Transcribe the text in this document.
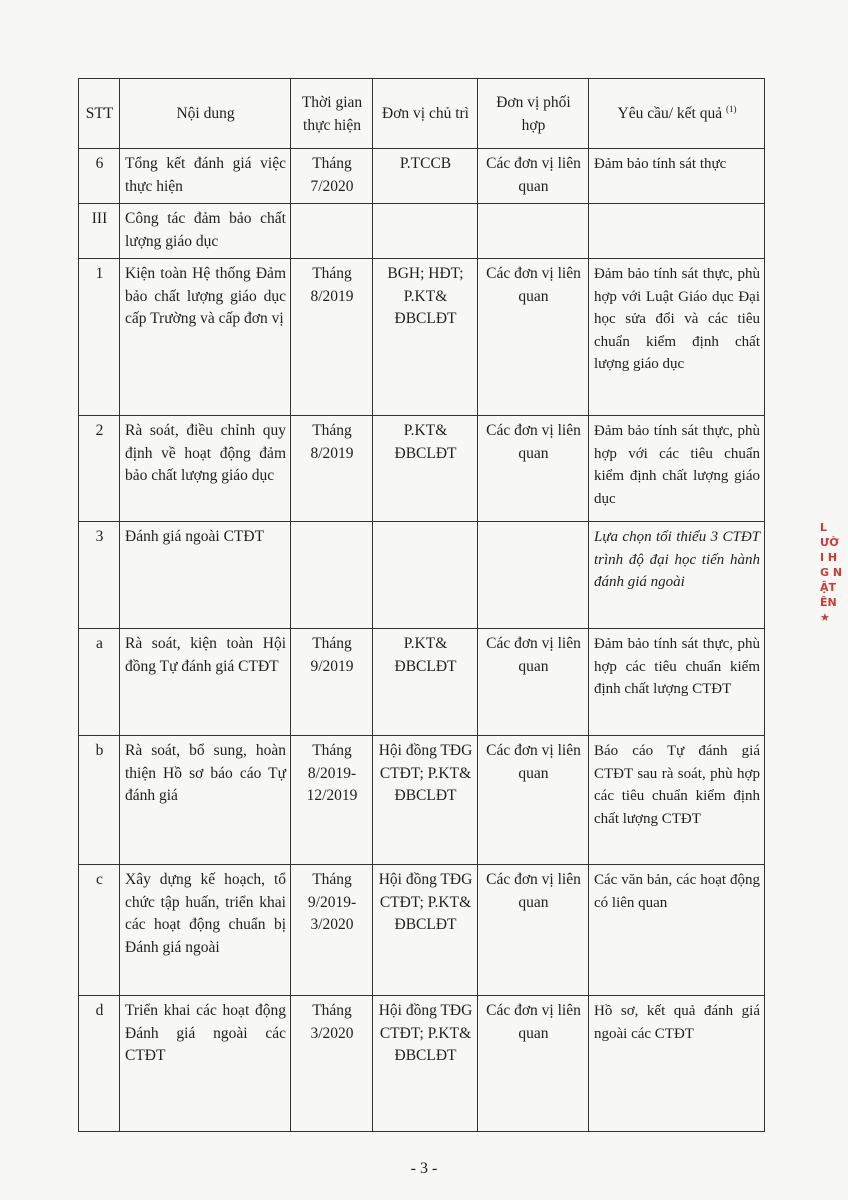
STT	Nội dung	Thời gian thực hiện	Đơn vị chủ trì	Đơn vị phối hợp	Yêu cầu/ kết quả $^{(1)}$
6	Tổng kết đánh giá việc thực hiện	Tháng 7/2020	P.TCCB	Các đơn vị liên quan	Đảm bảo tính sát thực
III	Công tác đảm bảo chất lượng giáo dục				
1	Kiện toàn Hệ thống Đảm bảo chất lượng giáo dục cấp Trường và cấp đơn vị	Tháng 8/2019	BGH; HĐT; P.KT& ĐBCLĐT	Các đơn vị liên quan	Đảm bảo tính sát thực, phù hợp với Luật Giáo dục Đại học sửa đổi và các tiêu chuẩn kiểm định chất lượng giáo dục
2	Rà soát, điều chỉnh quy định về hoạt động đảm bảo chất lượng giáo dục	Tháng 8/2019	P.KT& ĐBCLĐT	Các đơn vị liên quan	Đảm bảo tính sát thực, phù hợp với các tiêu chuẩn kiểm định chất lượng giáo dục
3	Đánh giá ngoài CTĐT				Lựa chọn tối thiểu 3 CTĐT trình độ đại học tiến hành đánh giá ngoài
a	Rà soát, kiện toàn Hội đồng Tự đánh giá CTĐT	Tháng 9/2019	P.KT& ĐBCLĐT	Các đơn vị liên quan	Đảm bảo tính sát thực, phù hợp các tiêu chuẩn kiểm định chất lượng CTĐT
b	Rà soát, bổ sung, hoàn thiện Hồ sơ báo cáo Tự đánh giá	Tháng 8/2019- 12/2019	Hội đồng TĐG CTĐT; P.KT& ĐBCLĐT	Các đơn vị liên quan	Báo cáo Tự đánh giá CTĐT sau rà soát, phù hợp các tiêu chuẩn kiểm định chất lượng CTĐT
c	Xây dựng kế hoạch, tổ chức tập huấn, triển khai các hoạt động chuẩn bị Đánh giá ngoài	Tháng 9/2019- 3/2020	Hội đồng TĐG CTĐT; P.KT& ĐBCLĐT	Các đơn vị liên quan	Các văn bản, các hoạt động có liên quan
d	Triển khai các hoạt động Đánh giá ngoài các CTĐT	Tháng 3/2020	Hội đồng TĐG CTĐT; P.KT& ĐBCLĐT	Các đơn vị liên quan	Hồ sơ, kết quả đánh giá ngoài các CTĐT
- 3 -
L
ƯỜ
I H
G N
ẬT
ÊN
★
